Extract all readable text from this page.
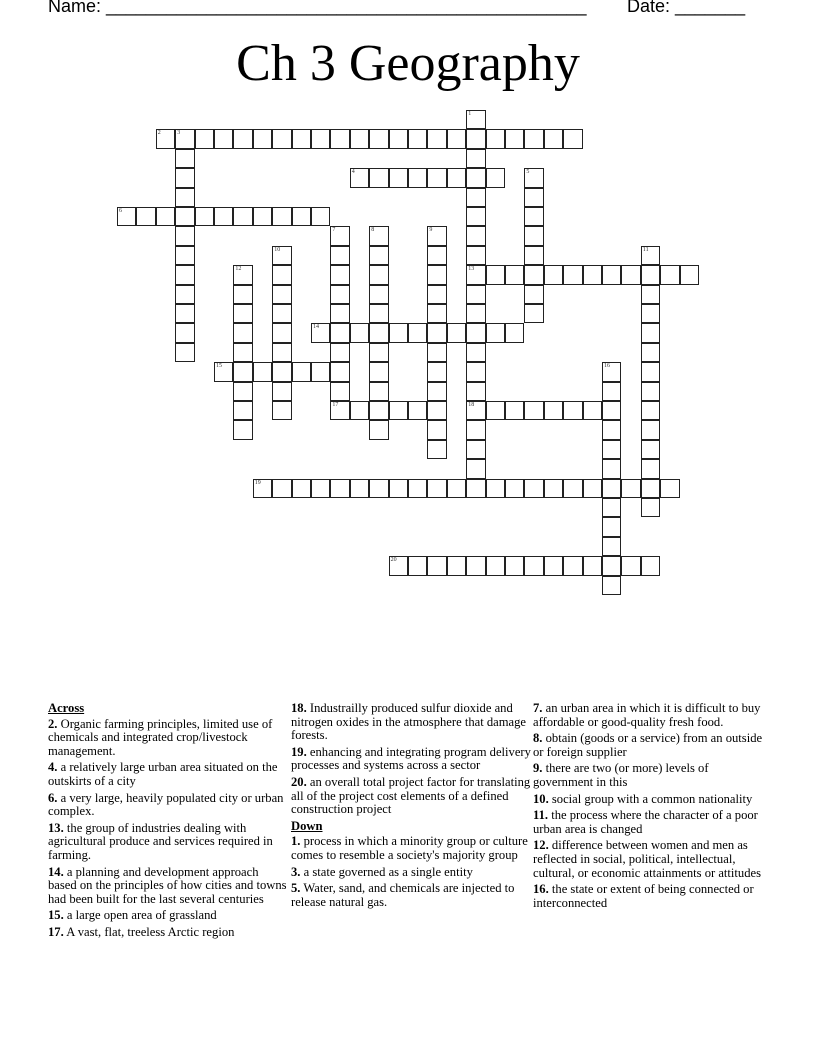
Name: ________________________________________________ Date: _______
Ch 3 Geography
1
13
18
2	3
4	5
6
7
17
8	9
10	11
12
14
15	16
19
20
Across
2. Organic farming principles, limited use of chemicals and integrated crop/livestock management.
4. a relatively large urban area situated on the outskirts of a city
6. a very large, heavily populated city or urban complex.
13. the group of industries dealing with agricultural produce and services required in farming.
14. a planning and development approach based on the principles of how cities and towns had been built for the last several centuries
15. a large open area of grassland
17. A vast, flat, treeless Arctic region
18. Industrailly produced sulfur dioxide and nitrogen oxides in the atmosphere that damage forests.
19. enhancing and integrating program delivery processes and systems across a sector
20. an overall total project factor for translating all of the project cost elements of a defined construction project
Down
1. process in which a minority group or culture comes to resemble a society's majority group
3. a state governed as a single entity
5. Water, sand, and chemicals are injected to release natural gas.
7. an urban area in which it is difficult to buy affordable or good-quality fresh food.
8. obtain (goods or a service) from an outside or foreign supplier
9. there are two (or more) levels of government in this
10. social group with a common nationality
11. the process where the character of a poor urban area is changed
12. difference between women and men as reflected in social, political, intellectual, cultural, or economic attainments or attitudes
16. the state or extent of being connected or interconnected
